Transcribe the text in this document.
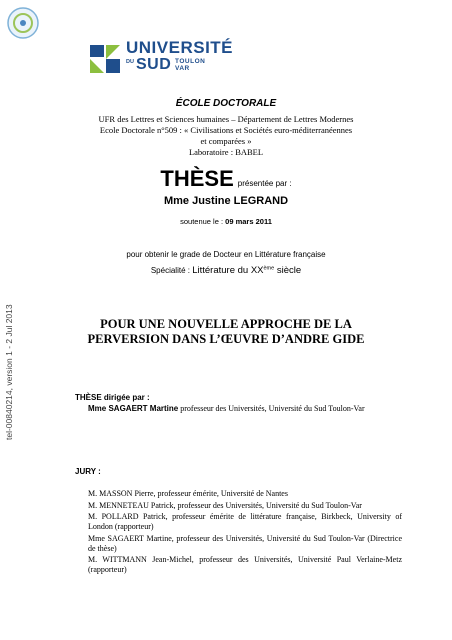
tel-00840214, version 1 - 2 Jul 2013
UNIVERSITÉ
DU SUD TOULON
VAR
ÉCOLE DOCTORALE
UFR des Lettres et Sciences humaines – Département de Lettres Modernes
Ecole Doctorale n°509 : « Civilisations et Sociétés euro-méditerranéennes
et comparées »
Laboratoire : BABEL
THÈSE présentée par :
Mme Justine LEGRAND
soutenue le : 09 mars 2011
pour obtenir le grade de Docteur en Littérature française
Spécialité : Littérature du XXème siècle
POUR UNE NOUVELLE APPROCHE DE LA
PERVERSION DANS L’ŒUVRE D’ANDRE GIDE
THÈSE dirigée par :
Mme SAGAERT Martine professeur des Universités, Université du Sud Toulon-Var
JURY :
M. MASSON Pierre, professeur émérite, Université de Nantes
M. MENNETEAU Patrick, professeur des Universités, Université du Sud Toulon-Var
M. POLLARD Patrick, professeur émérite de littérature française, Birkbeck, University of London (rapporteur)
Mme SAGAERT Martine, professeur des Universités, Université du Sud Toulon-Var (Directrice de thèse)
M. WITTMANN Jean-Michel, professeur des Universités, Université Paul Verlaine-Metz (rapporteur)
